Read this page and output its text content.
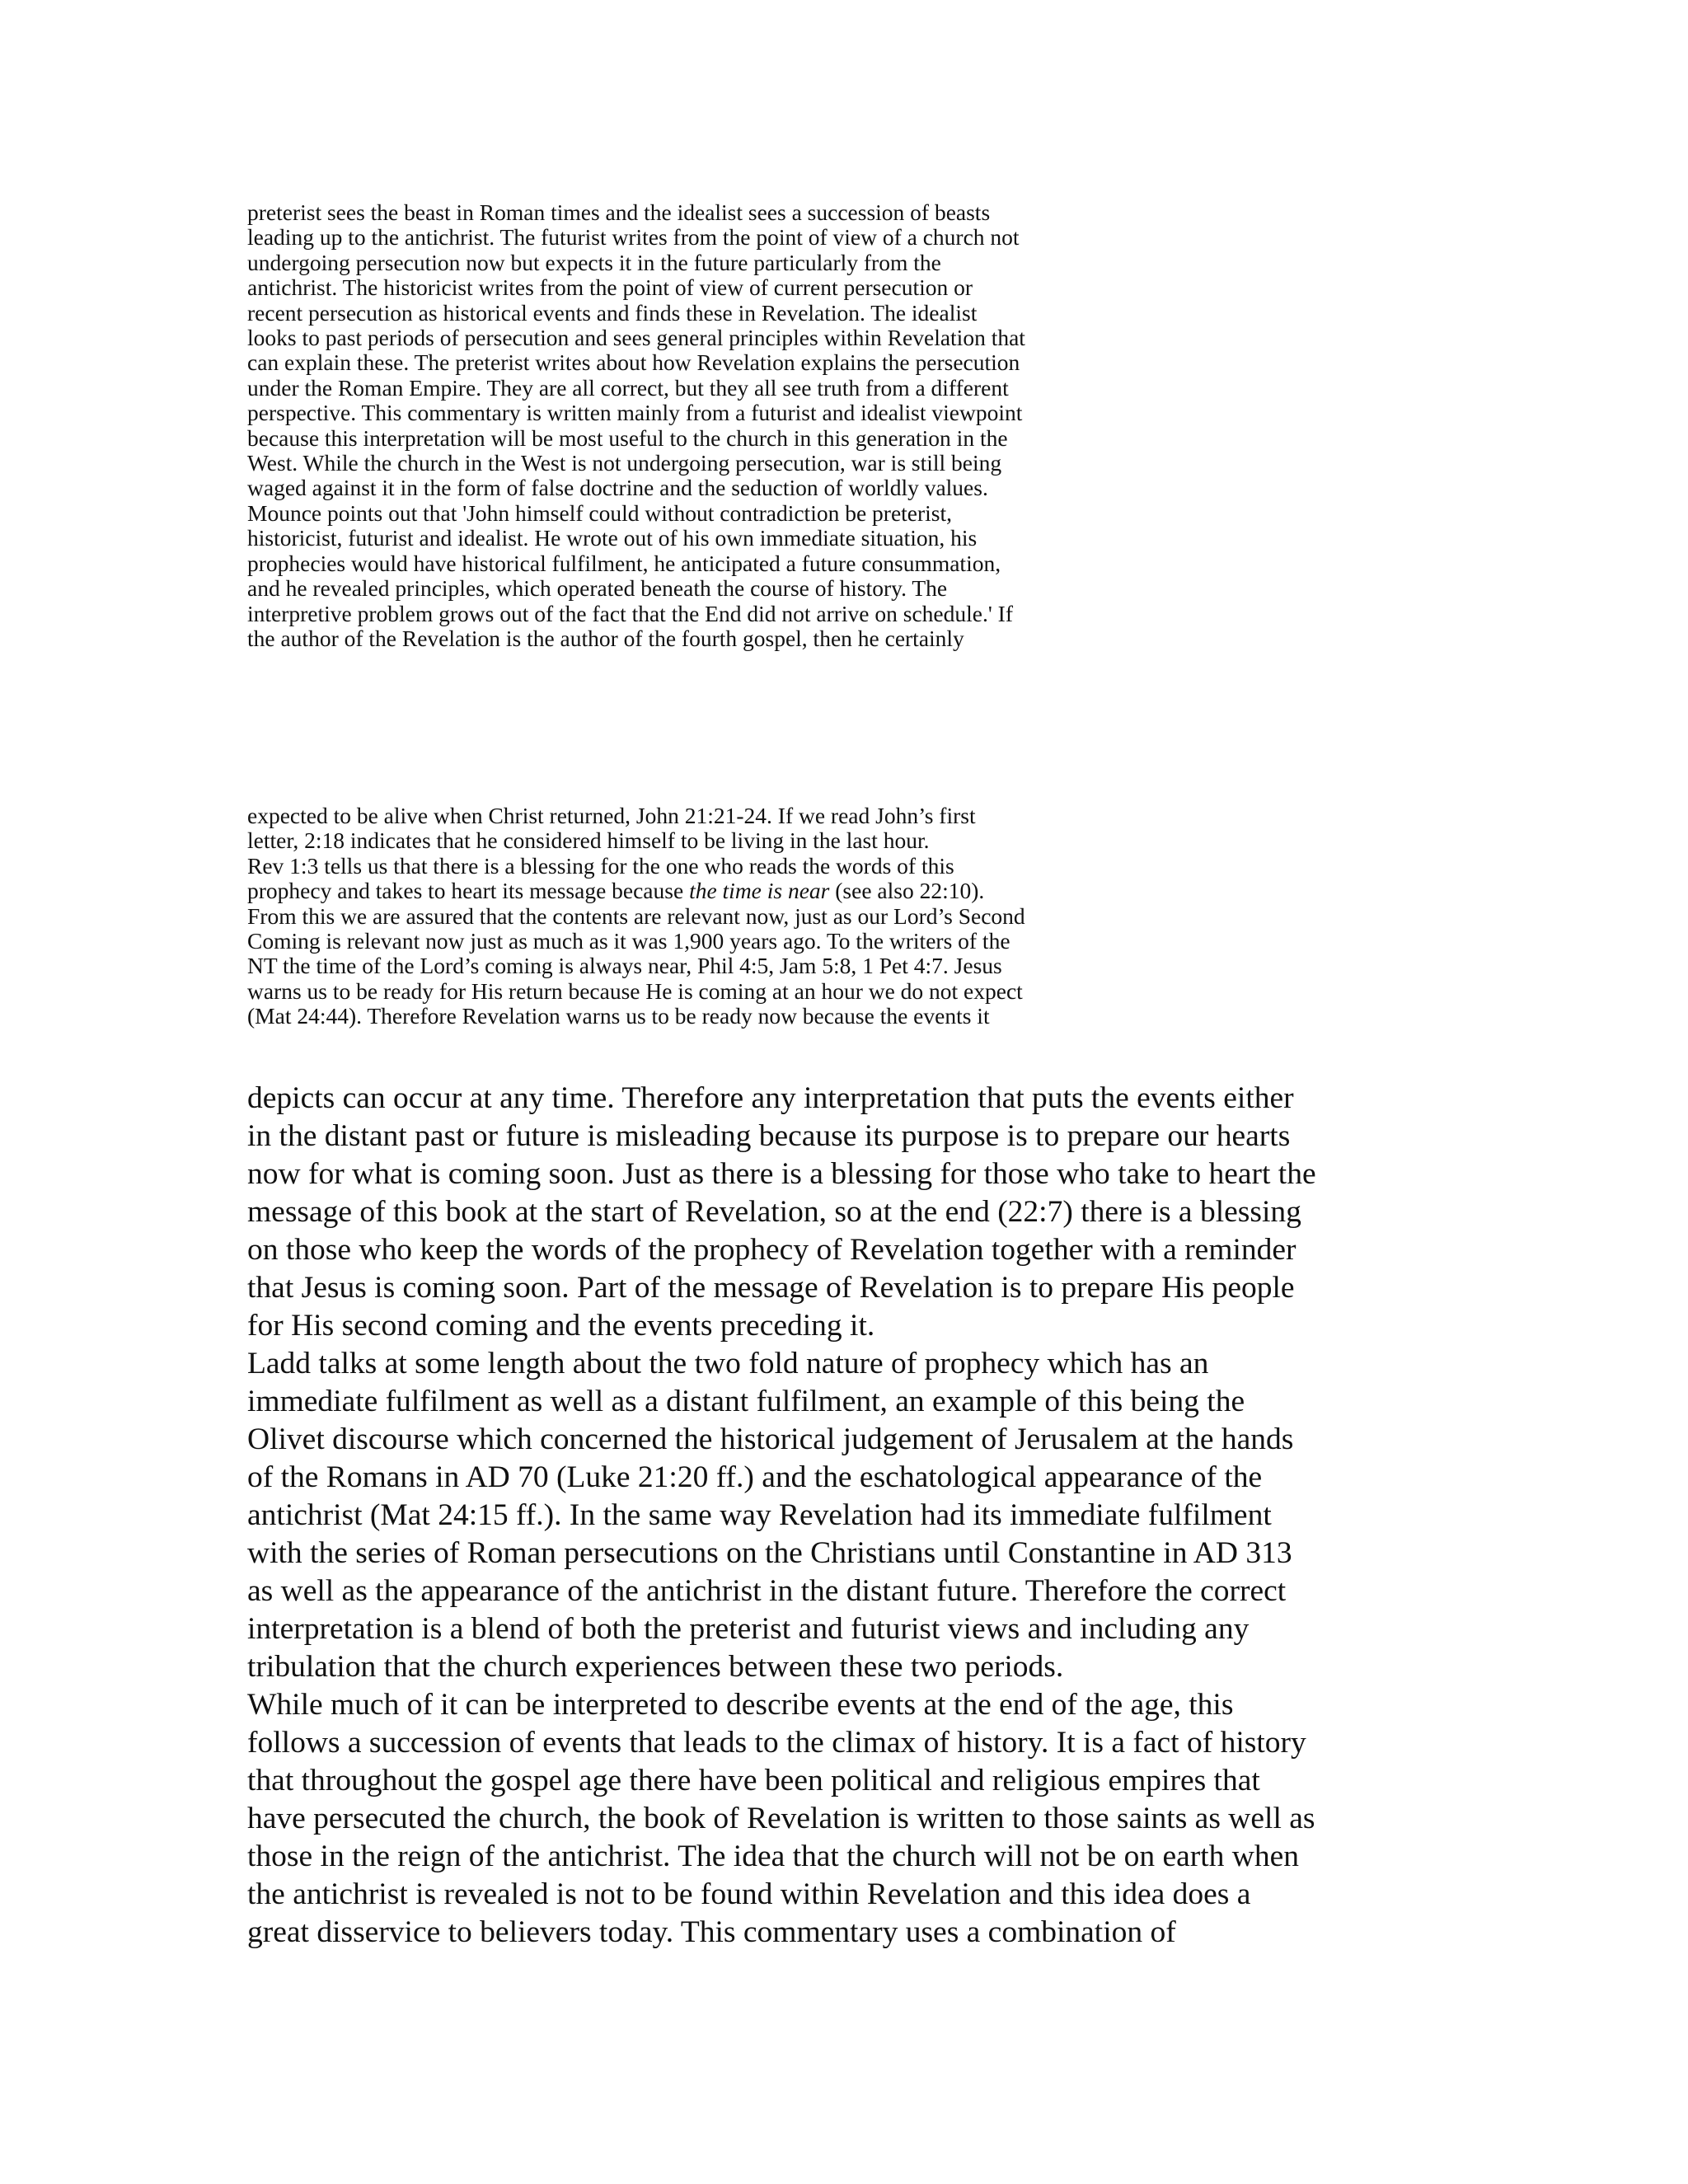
preterist sees the beast in Roman times and the idealist sees a succession of beasts
leading up to the antichrist. The futurist writes from the point of view of a church not
undergoing persecution now but expects it in the future particularly from the
antichrist. The historicist writes from the point of view of current persecution or
recent persecution as historical events and finds these in Revelation. The idealist
looks to past periods of persecution and sees general principles within Revelation that
can explain these. The preterist writes about how Revelation explains the persecution
under the Roman Empire. They are all correct, but they all see truth from a different
perspective. This commentary is written mainly from a futurist and idealist viewpoint
because this interpretation will be most useful to the church in this generation in the
West. While the church in the West is not undergoing persecution, war is still being
waged against it in the form of false doctrine and the seduction of worldly values.
Mounce points out that 'John himself could without contradiction be preterist,
historicist, futurist and idealist. He wrote out of his own immediate situation, his
prophecies would have historical fulfilment, he anticipated a future consummation,
and he revealed principles, which operated beneath the course of history. The
interpretive problem grows out of the fact that the End did not arrive on schedule.' If
the author of the Revelation is the author of the fourth gospel, then he certainly
expected to be alive when Christ returned, John 21:21-24. If we read John’s first
letter, 2:18 indicates that he considered himself to be living in the last hour.
Rev 1:3 tells us that there is a blessing for the one who reads the words of this
prophecy and takes to heart its message because the time is near (see also 22:10).
From this we are assured that the contents are relevant now, just as our Lord’s Second
Coming is relevant now just as much as it was 1,900 years ago. To the writers of the
NT the time of the Lord’s coming is always near, Phil 4:5, Jam 5:8, 1 Pet 4:7. Jesus
warns us to be ready for His return because He is coming at an hour we do not expect
(Mat 24:44). Therefore Revelation warns us to be ready now because the events it
depicts can occur at any time. Therefore any interpretation that puts the events either
in the distant past or future is misleading because its purpose is to prepare our hearts
now for what is coming soon. Just as there is a blessing for those who take to heart the
message of this book at the start of Revelation, so at the end (22:7) there is a blessing
on those who keep the words of the prophecy of Revelation together with a reminder
that Jesus is coming soon. Part of the message of Revelation is to prepare His people
for His second coming and the events preceding it.
Ladd talks at some length about the two fold nature of prophecy which has an
immediate fulfilment as well as a distant fulfilment, an example of this being the
Olivet discourse which concerned the historical judgement of Jerusalem at the hands
of the Romans in AD 70 (Luke 21:20 ff.) and the eschatological appearance of the
antichrist (Mat 24:15 ff.). In the same way Revelation had its immediate fulfilment
with the series of Roman persecutions on the Christians until Constantine in AD 313
as well as the appearance of the antichrist in the distant future. Therefore the correct
interpretation is a blend of both the preterist and futurist views and including any
tribulation that the church experiences between these two periods.
While much of it can be interpreted to describe events at the end of the age, this
follows a succession of events that leads to the climax of history. It is a fact of history
that throughout the gospel age there have been political and religious empires that
have persecuted the church, the book of Revelation is written to those saints as well as
those in the reign of the antichrist. The idea that the church will not be on earth when
the antichrist is revealed is not to be found within Revelation and this idea does a
great disservice to believers today. This commentary uses a combination of
